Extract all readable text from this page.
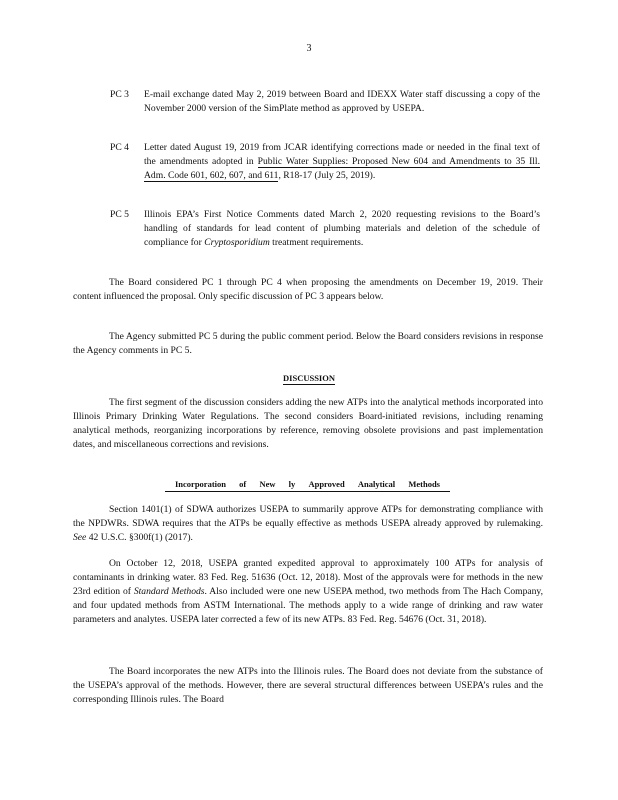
3
PC 3	E-mail exchange dated May 2, 2019 between Board and IDEXX Water staff discussing a copy of the November 2000 version of the SimPlate method as approved by USEPA.
PC 4	Letter dated August 19, 2019 from JCAR identifying corrections made or needed in the final text of the amendments adopted in Public Water Supplies: Proposed New 604 and Amendments to 35 Ill. Adm. Code 601, 602, 607, and 611, R18-17 (July 25, 2019).
PC 5	Illinois EPA’s First Notice Comments dated March 2, 2020 requesting revisions to the Board’s handling of standards for lead content of plumbing materials and deletion of the schedule of compliance for Cryptosporidium treatment requirements.
The Board considered PC 1 through PC 4 when proposing the amendments on December 19, 2019. Their content influenced the proposal. Only specific discussion of PC 3 appears below.
The Agency submitted PC 5 during the public comment period. Below the Board considers revisions in response the Agency comments in PC 5.
DISCUSSION
The first segment of the discussion considers adding the new ATPs into the analytical methods incorporated into Illinois Primary Drinking Water Regulations. The second considers Board-initiated revisions, including renaming analytical methods, reorganizing incorporations by reference, removing obsolete provisions and past implementation dates, and miscellaneous corrections and revisions.
Incorporation of New ly Approved Analytical Methods
Section 1401(1) of SDWA authorizes USEPA to summarily approve ATPs for demonstrating compliance with the NPDWRs. SDWA requires that the ATPs be equally effective as methods USEPA already approved by rulemaking. See 42 U.S.C. §300f(1) (2017).
On October 12, 2018, USEPA granted expedited approval to approximately 100 ATPs for analysis of contaminants in drinking water. 83 Fed. Reg. 51636 (Oct. 12, 2018). Most of the approvals were for methods in the new 23rd edition of Standard Methods. Also included were one new USEPA method, two methods from The Hach Company, and four updated methods from ASTM International. The methods apply to a wide range of drinking and raw water parameters and analytes. USEPA later corrected a few of its new ATPs. 83 Fed. Reg. 54676 (Oct. 31, 2018).
The Board incorporates the new ATPs into the Illinois rules. The Board does not deviate from the substance of the USEPA’s approval of the methods. However, there are several structural differences between USEPA’s rules and the corresponding Illinois rules. The Board
